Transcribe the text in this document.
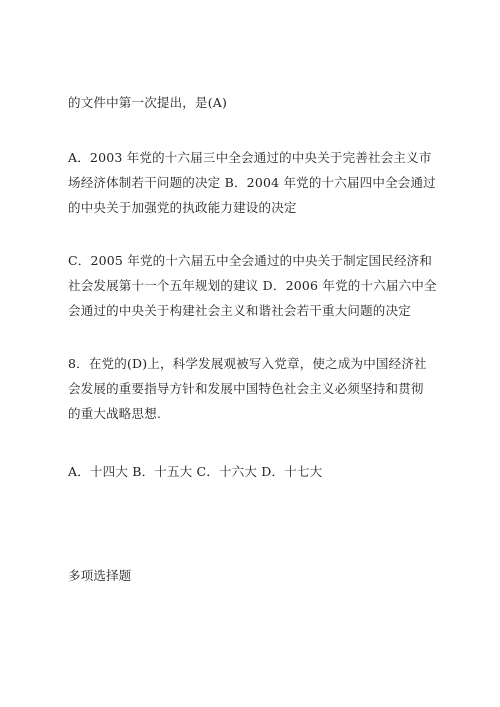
的文件中第一次提出，是(A)

A．2003 年党的十六届三中全会通过的中央关于完善社会主义市
场经济体制若干问题的决定 B．2004 年党的十六届四中全会通过
的中央关于加强党的执政能力建设的决定

C．2005 年党的十六届五中全会通过的中央关于制定国民经济和
社会发展第十一个五年规划的建议 D．2006 年党的十六届六中全
会通过的中央关于构建社会主义和谐社会若干重大问题的决定

8．在党的(D)上，科学发展观被写入党章，使之成为中国经济社
会发展的重要指导方针和发展中国特色社会主义必须坚持和贯彻
的重大战略思想.

A．十四大 B．十五大 C．十六大 D．十七大

多项选择题
